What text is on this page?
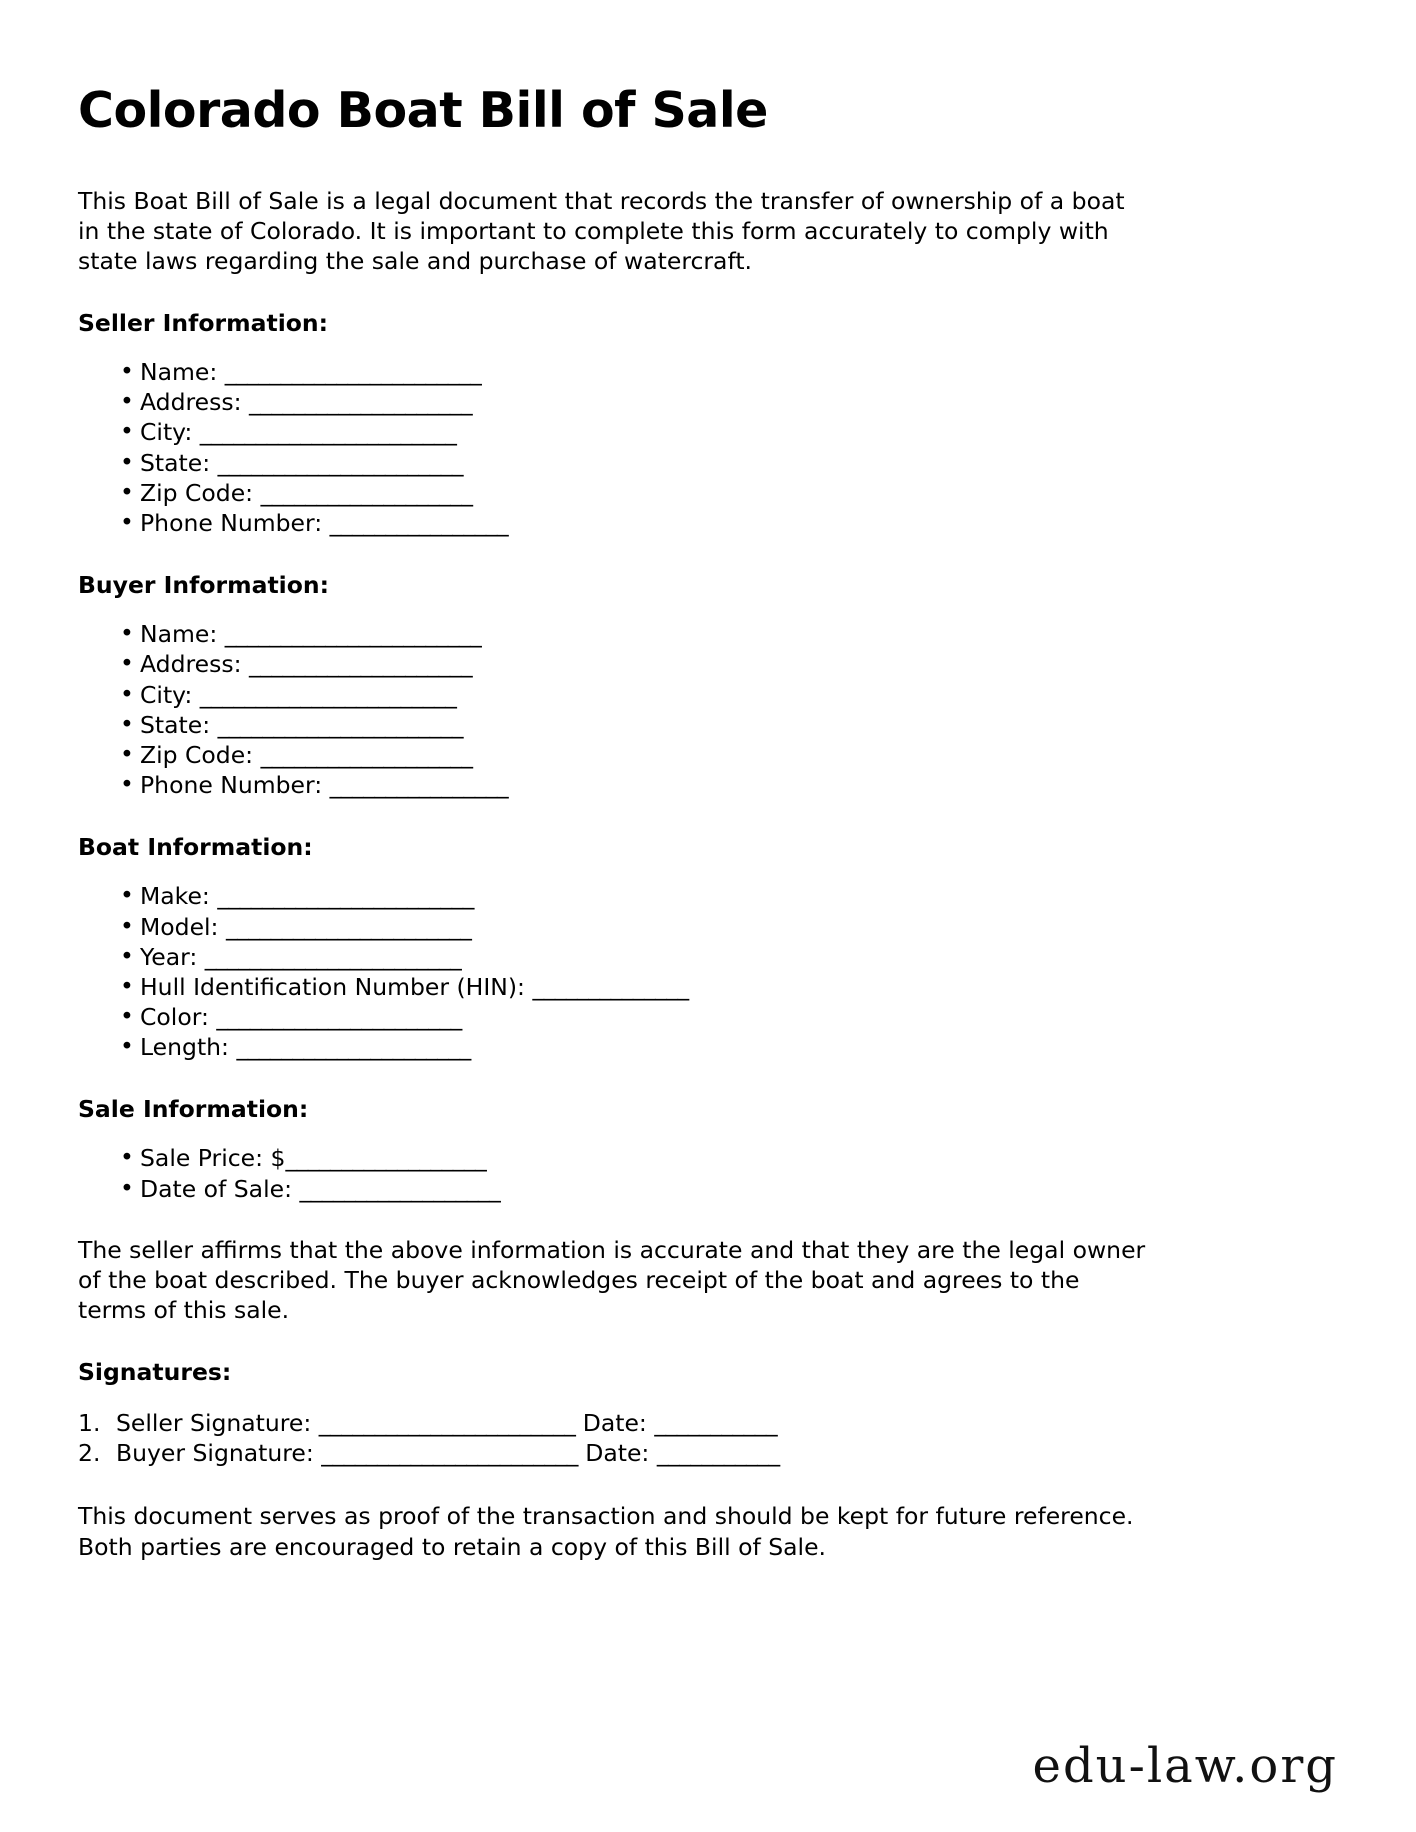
Colorado Boat Bill of Sale

This Boat Bill of Sale is a legal document that records the transfer of ownership of a boat in the state of Colorado. It is important to complete this form accurately to comply with state laws regarding the sale and purchase of watercraft.

Seller Information:
• Name: _______________________
• Address: ____________________
• City: _______________________
• State: ______________________
• Zip Code: ___________________
• Phone Number: ________________
Buyer Information:
• Name: _______________________
• Address: ____________________
• City: _______________________
• State: ______________________
• Zip Code: ___________________
• Phone Number: ________________
Boat Information:
• Make: _______________________
• Model: ______________________
• Year: _______________________
• Hull Identification Number (HIN): ______________
• Color: ______________________
• Length: _____________________
Sale Information:
• Sale Price: $__________________
• Date of Sale: __________________

The seller affirms that the above information is accurate and that they are the legal owner of the boat described. The buyer acknowledges receipt of the boat and agrees to the terms of this sale.

Signatures:
Seller Signature: _______________________ Date: ___________
Buyer Signature: _______________________ Date: ___________

This document serves as proof of the transaction and should be kept for future reference. Both parties are encouraged to retain a copy of this Bill of Sale.

edu-law.org
